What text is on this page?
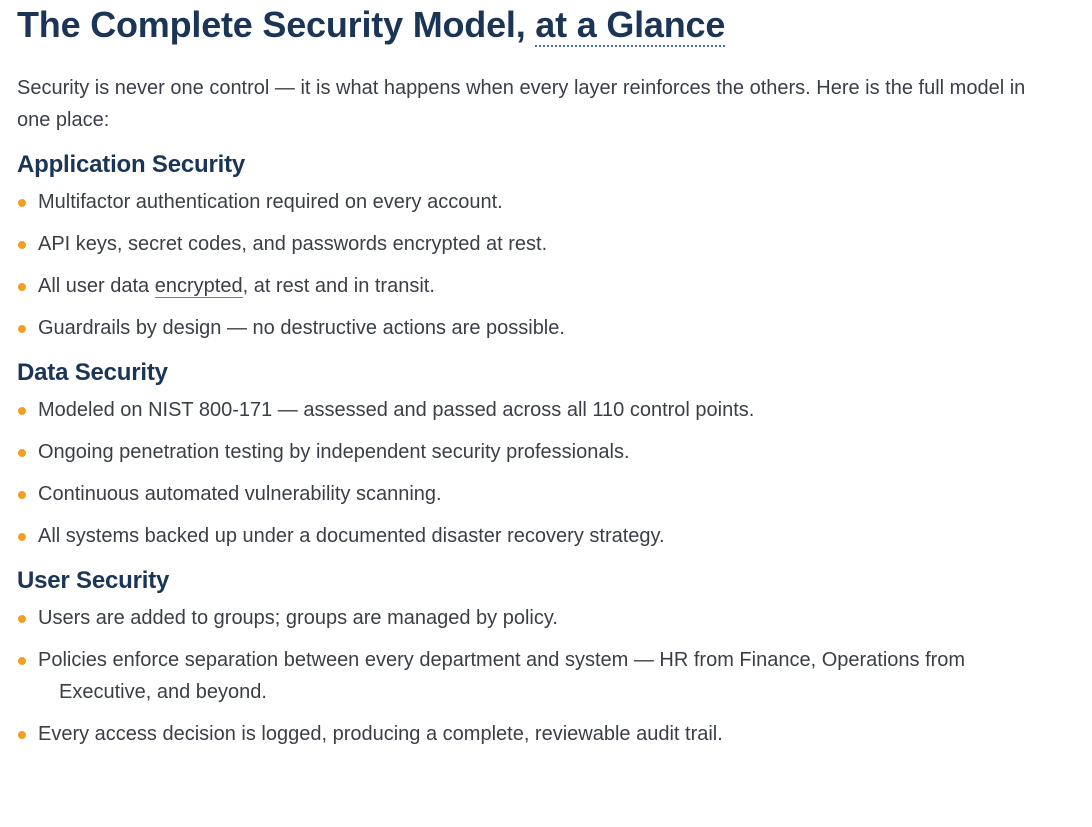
The Complete Security Model, at a Glance

Security is never one control — it is what happens when every layer reinforces the others. Here is the full model in one place:

Application Security
Multifactor authentication required on every account.
API keys, secret codes, and passwords encrypted at rest.
All user data encrypted, at rest and in transit.
Guardrails by design — no destructive actions are possible.
Data Security
Modeled on NIST 800-171 — assessed and passed across all 110 control points.
Ongoing penetration testing by independent security professionals.
Continuous automated vulnerability scanning.
All systems backed up under a documented disaster recovery strategy.
User Security
Users are added to groups; groups are managed by policy.
Policies enforce separation between every department and system — HR from Finance, Operations from
Executive, and beyond.
Every access decision is logged, producing a complete, reviewable audit trail.
